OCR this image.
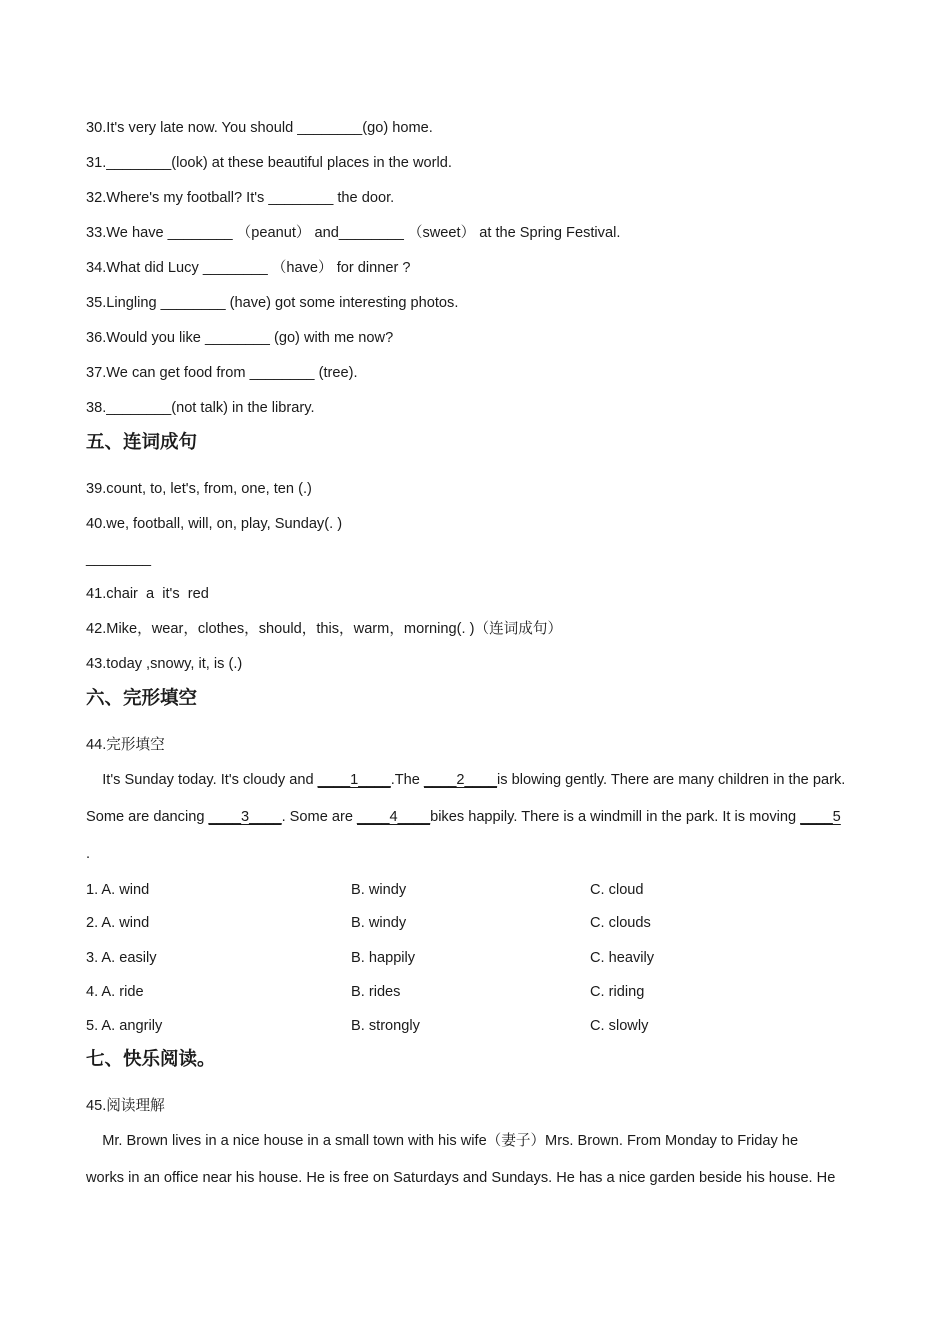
30.It's very late now. You should ________(go) home.
31.________(look) at these beautiful places in the world.
32.Where's my football? It's ________ the door.
33.We have ________ （peanut） and________ （sweet） at the Spring Festival.
34.What did Lucy ________ （have） for dinner ?
35.Lingling ________ (have) got some interesting photos.
36.Would you like ________ (go) with me now?
37.We can get food from ________ (tree).
38.________(not talk) in the library.
五、连词成句
39.count, to, let's, from, one, ten (.)
40.we, football, will, on, play, Sunday(. )
________
41.chair  a  it's  red
42.Mike，wear，clothes，should，this，warm，morning(. )（连词成句）
43.today ,snowy, it, is (.)
六、完形填空
44.完形填空
It's Sunday today. It's cloudy and ____1____.The ____2____is blowing gently. There are many children in the park.
Some are dancing ____3____. Some are ____4____bikes happily. There is a windmill in the park. It is moving ____5
.
1. A. wind	B. windy	C. cloud
2. A. wind	B. windy	C. clouds
3. A. easily	B. happily	C. heavily
4. A. ride	B. rides	C. riding
5. A. angrily	B. strongly	C. slowly
七、快乐阅读。
45.阅读理解
Mr. Brown lives in a nice house in a small town with his wife（妻子）Mrs. Brown. From Monday to Friday he
works in an office near his house. He is free on Saturdays and Sundays. He has a nice garden beside his house. He
